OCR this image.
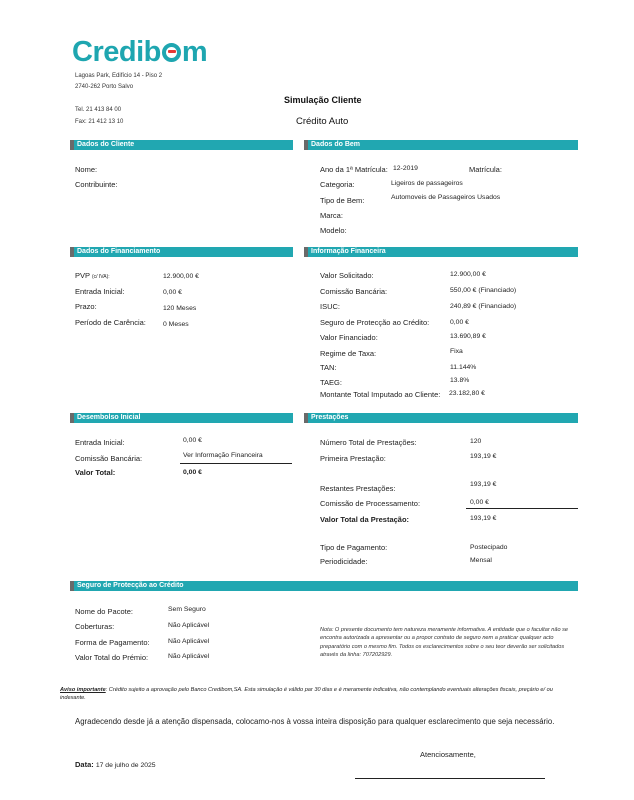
Credib m
Lagoas Park, Edifício 14 - Piso 2
2740-262 Porto Salvo
Tel. 21 413 84 00
Fax: 21 412 13 10
Simulação Cliente
Crédito Auto
Dados do Cliente
Nome:
Contribuinte:
Dados do Bem
Ano da 1ª Matrícula: 12-2019	Matrícula:
Categoria:	Ligeiros de passageiros
Tipo de Bem:	Automoveis de Passageiros Usados
Marca:
Modelo:
Dados do Financiamento
PVP (c/ IVA):	12.900,00 €
Entrada Inicial:	0,00 €
Prazo:	120 Meses
Período de Carência:	0 Meses
Informação Financeira
Valor Solicitado:	12.900,00 €
Comissão Bancária:	550,00 € (Financiado)
ISUC:	240,89 € (Financiado)
Seguro de Protecção ao Crédito:	0,00 €
Valor Financiado:	13.690,89 €
Regime de Taxa:	Fixa
TAN:	11.144%
TAEG:	13.8%
Montante Total Imputado ao Cliente: 23.182,80 €
Desembolso Inicial
Entrada Inicial:	0,00 €
Comissão Bancária:	Ver Informação Financeira
Valor Total:	0,00 €
Prestações
Número Total de Prestações:	120
Primeira Prestação:	193,19 €
Restantes Prestações:	193,19 €
Comissão de Processamento:	0,00 €
Valor Total da Prestação:	193,19 €
Tipo de Pagamento:	Postecipado
Periodicidade:	Mensal
Seguro de Protecção ao Crédito
Nome do Pacote:	Sem Seguro
Coberturas:	Não Aplicável
Forma de Pagamento:	Não Aplicável
Valor Total do Prémio:	Não Aplicável
Nota: O presente documento tem natureza meramente informativa. A entidade que o facultar não se encontra autorizada a apresentar ou a propor contrato de seguro nem a praticar qualquer acto preparatório com o mesmo fim. Todos os esclarecimentos sobre o seu teor deverão ser solicitados através da linha: 707202929.
Aviso importante: Crédito sujeito a aprovação pelo Banco Credibom,SA. Esta simulação é válido par 30 dias e é meramente indicativa, não contemplando eventuais alterações fiscais, preçário e/ ou indexante.
Agradecendo desde já a atenção dispensada, colocamo-nos à vossa inteira disposição para qualquer esclarecimento que seja necessário.
Atenciosamente,
Data: 17 de julho de 2025
